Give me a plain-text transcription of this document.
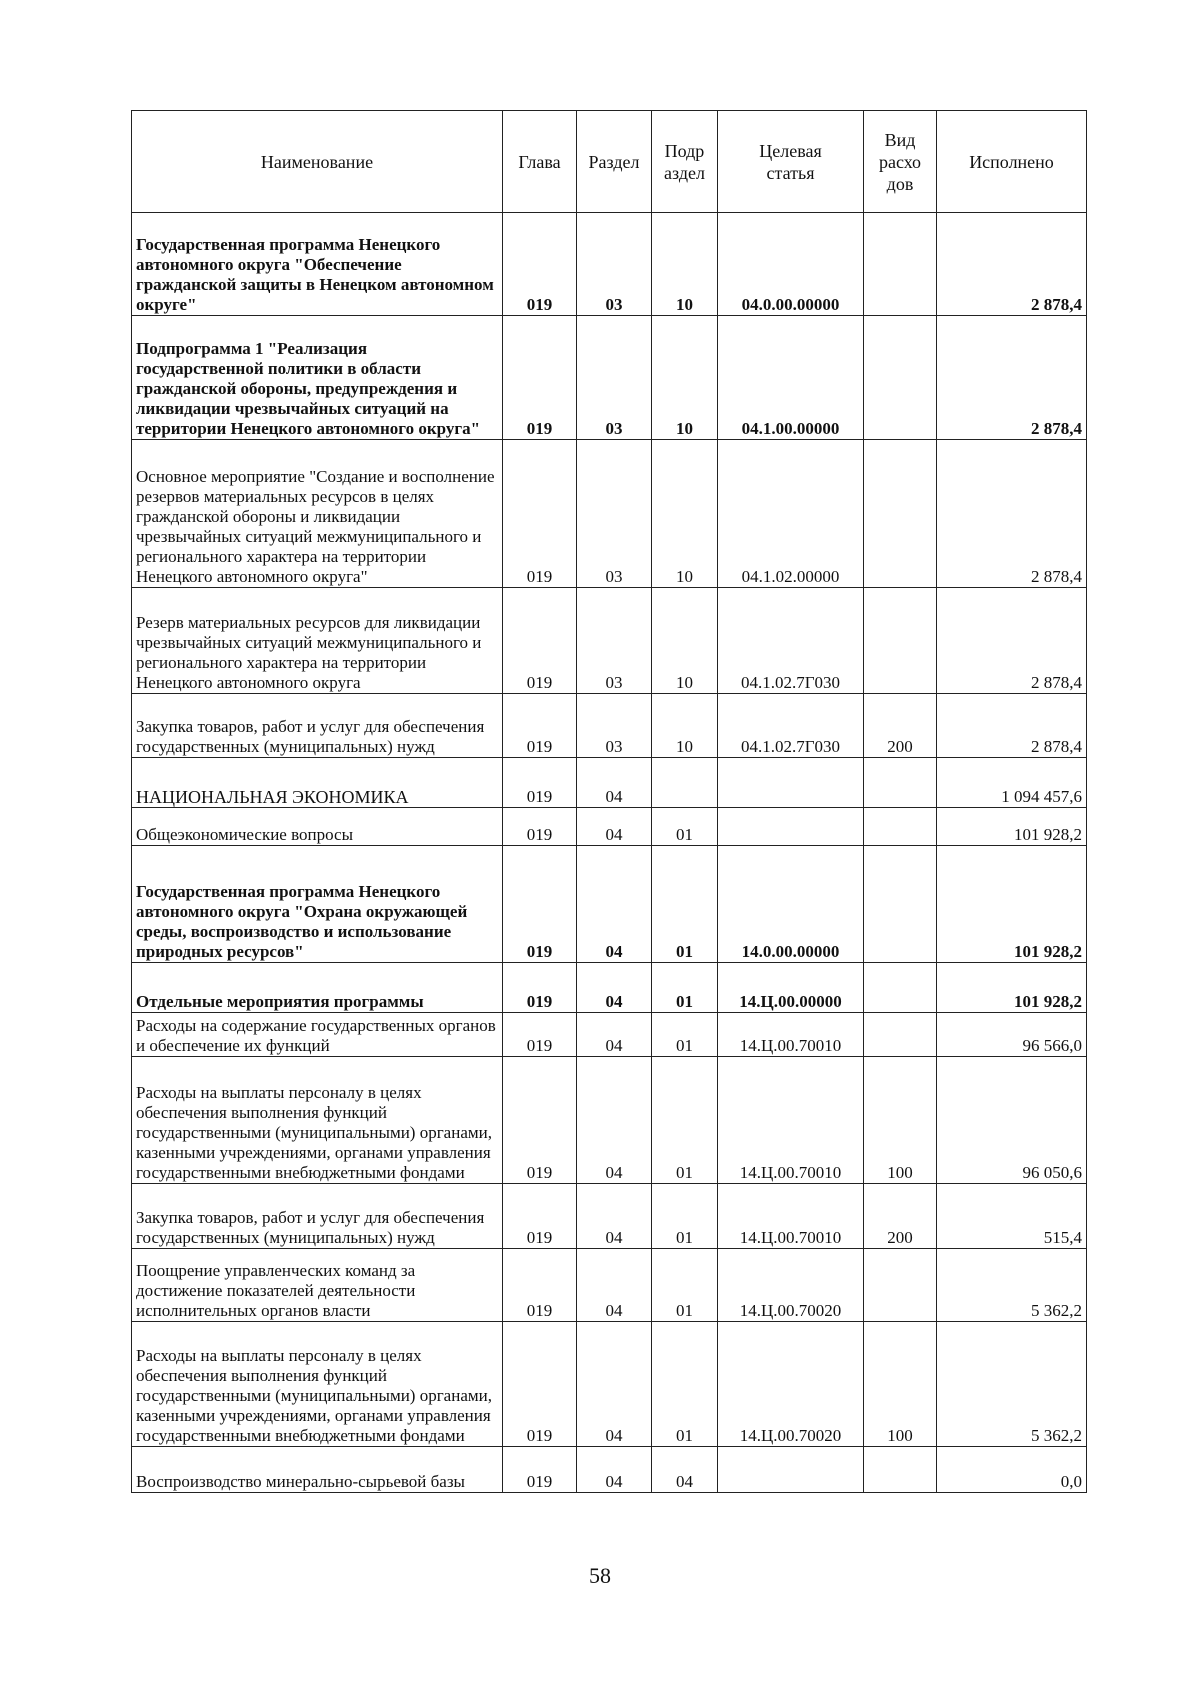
Наименование	Глава	Раздел	Подр аздел	Целевая статья	Вид расхо дов	Исполнено
Государственная программа Ненецкого автономного округа "Обеспечение гражданской защиты в Ненецком автономном округе"	019	03	10	04.0.00.00000		2 878,4
Подпрограмма 1 "Реализация государственной политики в области гражданской обороны, предупреждения и ликвидации чрезвычайных ситуаций на территории Ненецкого автономного округа"	019	03	10	04.1.00.00000		2 878,4
Основное мероприятие "Создание и восполнение резервов материальных ресурсов в целях гражданской обороны и ликвидации чрезвычайных ситуаций межмуниципального и регионального характера на территории Ненецкого автономного округа"	019	03	10	04.1.02.00000		2 878,4
Резерв материальных ресурсов для ликвидации чрезвычайных ситуаций межмуниципального и регионального характера на территории Ненецкого автономного округа	019	03	10	04.1.02.7Г030		2 878,4
Закупка товаров, работ и услуг для обеспечения государственных (муниципальных) нужд	019	03	10	04.1.02.7Г030	200	2 878,4
НАЦИОНАЛЬНАЯ ЭКОНОМИКА	019	04				1 094 457,6
Общеэкономические вопросы	019	04	01			101 928,2
Государственная программа Ненецкого автономного округа "Охрана окружающей среды, воспроизводство и использование природных ресурсов"	019	04	01	14.0.00.00000		101 928,2
Отдельные мероприятия программы	019	04	01	14.Ц.00.00000		101 928,2
Расходы на содержание государственных органов и обеспечение их функций	019	04	01	14.Ц.00.70010		96 566,0
Расходы на выплаты персоналу в целях обеспечения выполнения функций государственными (муниципальными) органами, казенными учреждениями, органами управления государственными внебюджетными фондами	019	04	01	14.Ц.00.70010	100	96 050,6
Закупка товаров, работ и услуг для обеспечения государственных (муниципальных) нужд	019	04	01	14.Ц.00.70010	200	515,4
Поощрение управленческих команд за достижение показателей деятельности исполнительных органов власти	019	04	01	14.Ц.00.70020		5 362,2
Расходы на выплаты персоналу в целях обеспечения выполнения функций государственными (муниципальными) органами, казенными учреждениями, органами управления государственными внебюджетными фондами	019	04	01	14.Ц.00.70020	100	5 362,2
Воспроизводство минерально-сырьевой базы	019	04	04			0,0
58
